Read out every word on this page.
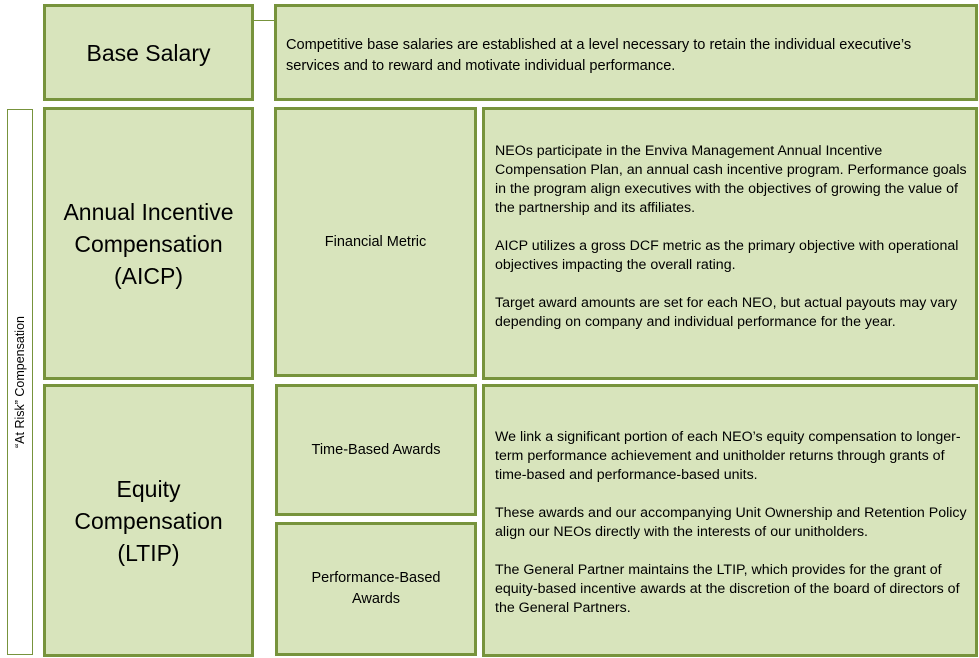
“At Risk” Compensation
Base Salary	Competitive base salaries are established at a level necessary to retain the individual executive’s services and to reward and motivate individual performance.
Annual Incentive
Compensation
(AICP)
Financial Metric

NEOs participate in the Enviva Management Annual Incentive Compensation Plan, an annual cash incentive program. Performance goals in the program align executives with the objectives of growing the value of the partnership and its affiliates.

AICP utilizes a gross DCF metric as the primary objective with operational objectives impacting the overall rating.

Target award amounts are set for each NEO, but actual payouts may vary depending on company and individual performance for the year.

Equity
Compensation
(LTIP)
Time-Based Awards
Performance-Based Awards

We link a significant portion of each NEO’s equity compensation to longer-term performance achievement and unitholder returns through grants of time-based and performance-based units.

These awards and our accompanying Unit Ownership and Retention Policy align our NEOs directly with the interests of our unitholders.

The General Partner maintains the LTIP, which provides for the grant of equity-based incentive awards at the discretion of the board of directors of the General Partners.
